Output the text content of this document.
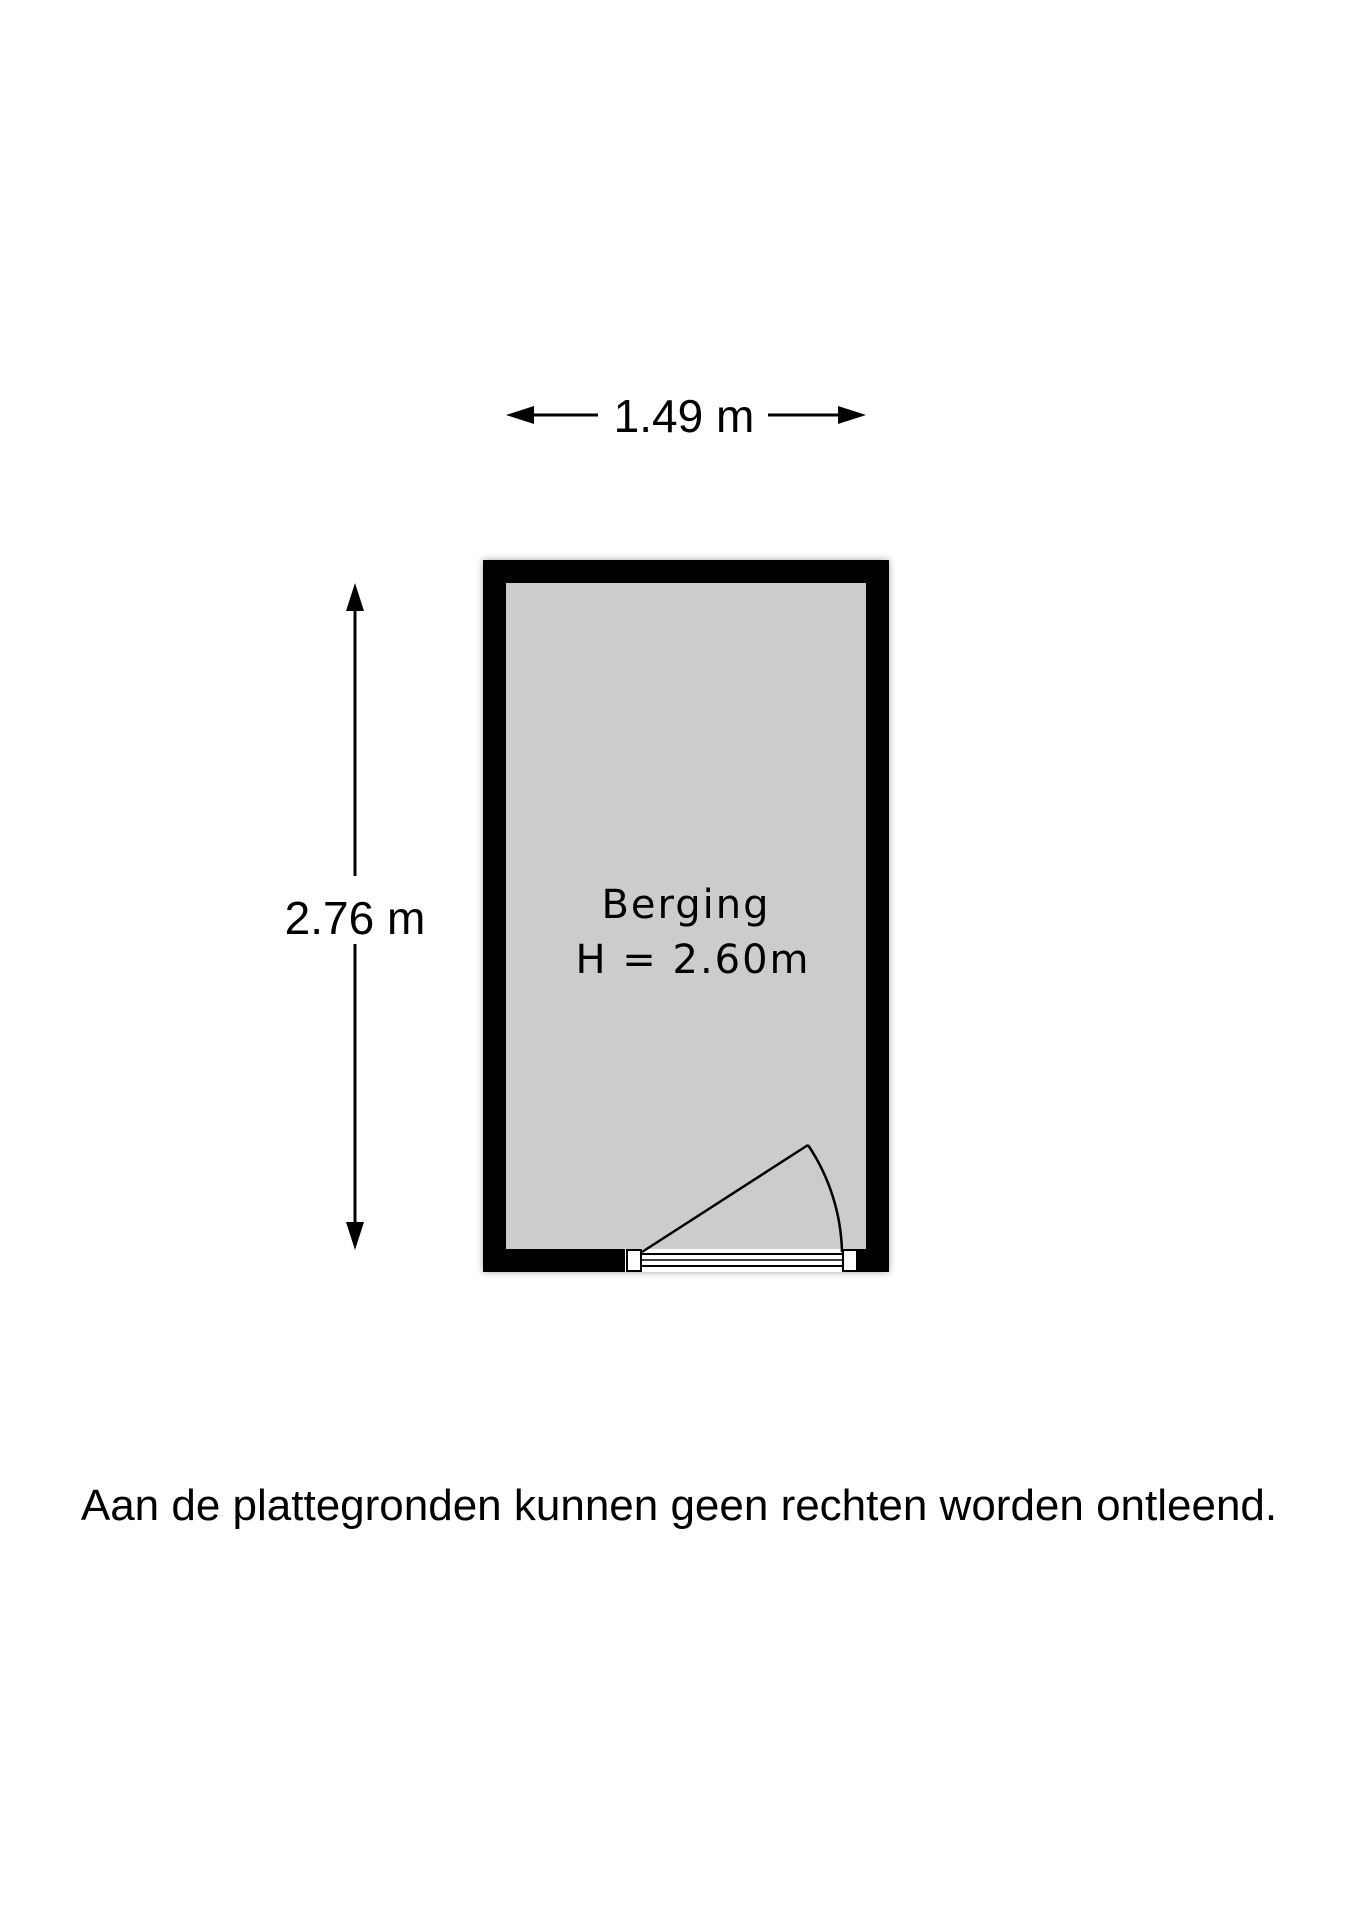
1.49 m
2.76 m	Berging
H = 2.60m
Aan de plattegronden kunnen geen rechten worden ontleend.
